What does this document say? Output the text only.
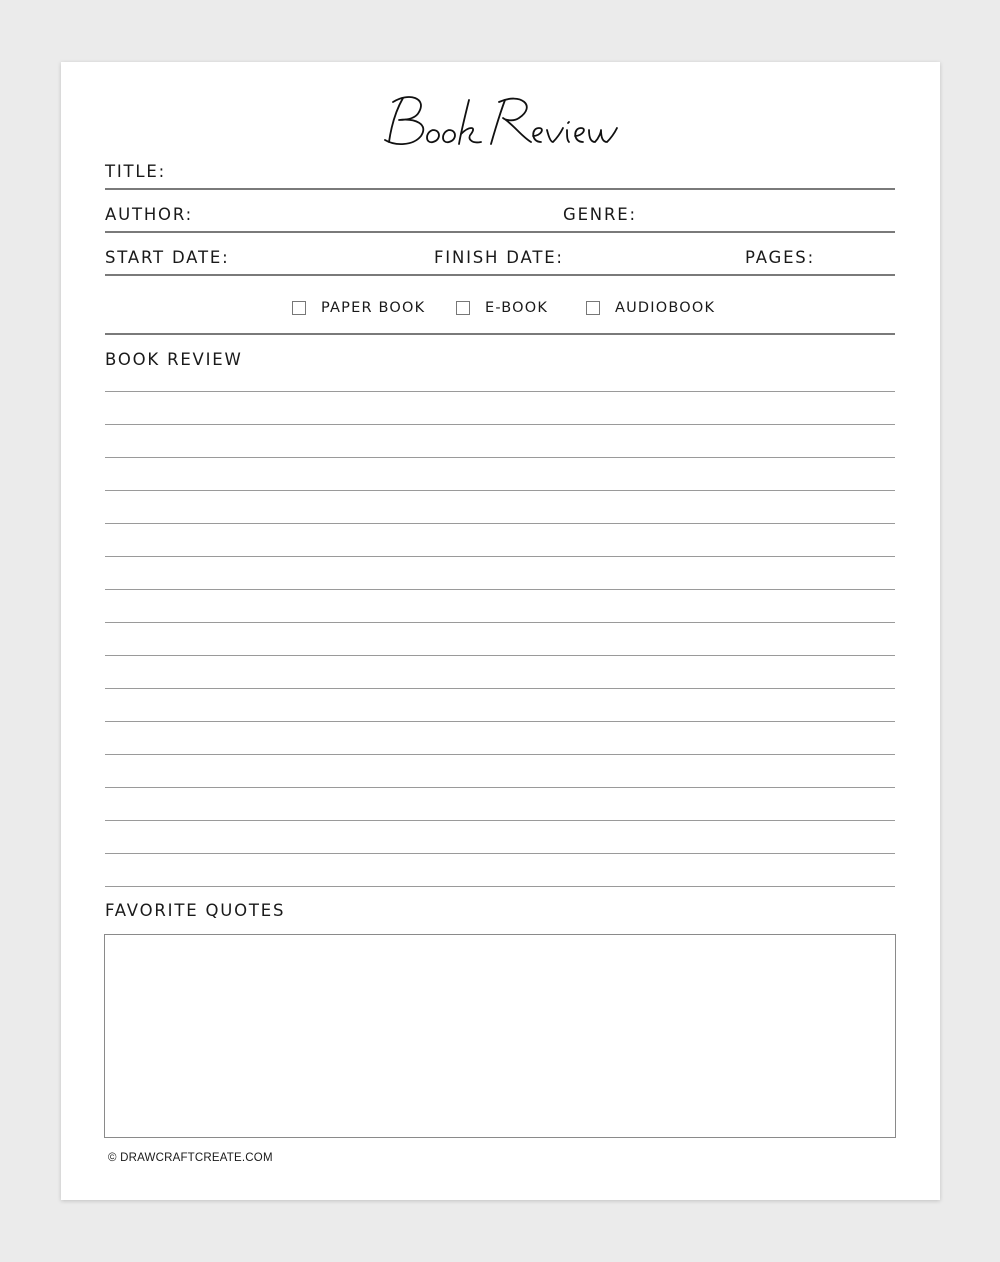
TITLE:
AUTHOR:	GENRE:
START DATE:	FINISH DATE:	PAGES:
PAPER BOOK	E-BOOK	AUDIOBOOK
BOOK REVIEW
FAVORITE QUOTES
© DRAWCRAFTCREATE.COM
